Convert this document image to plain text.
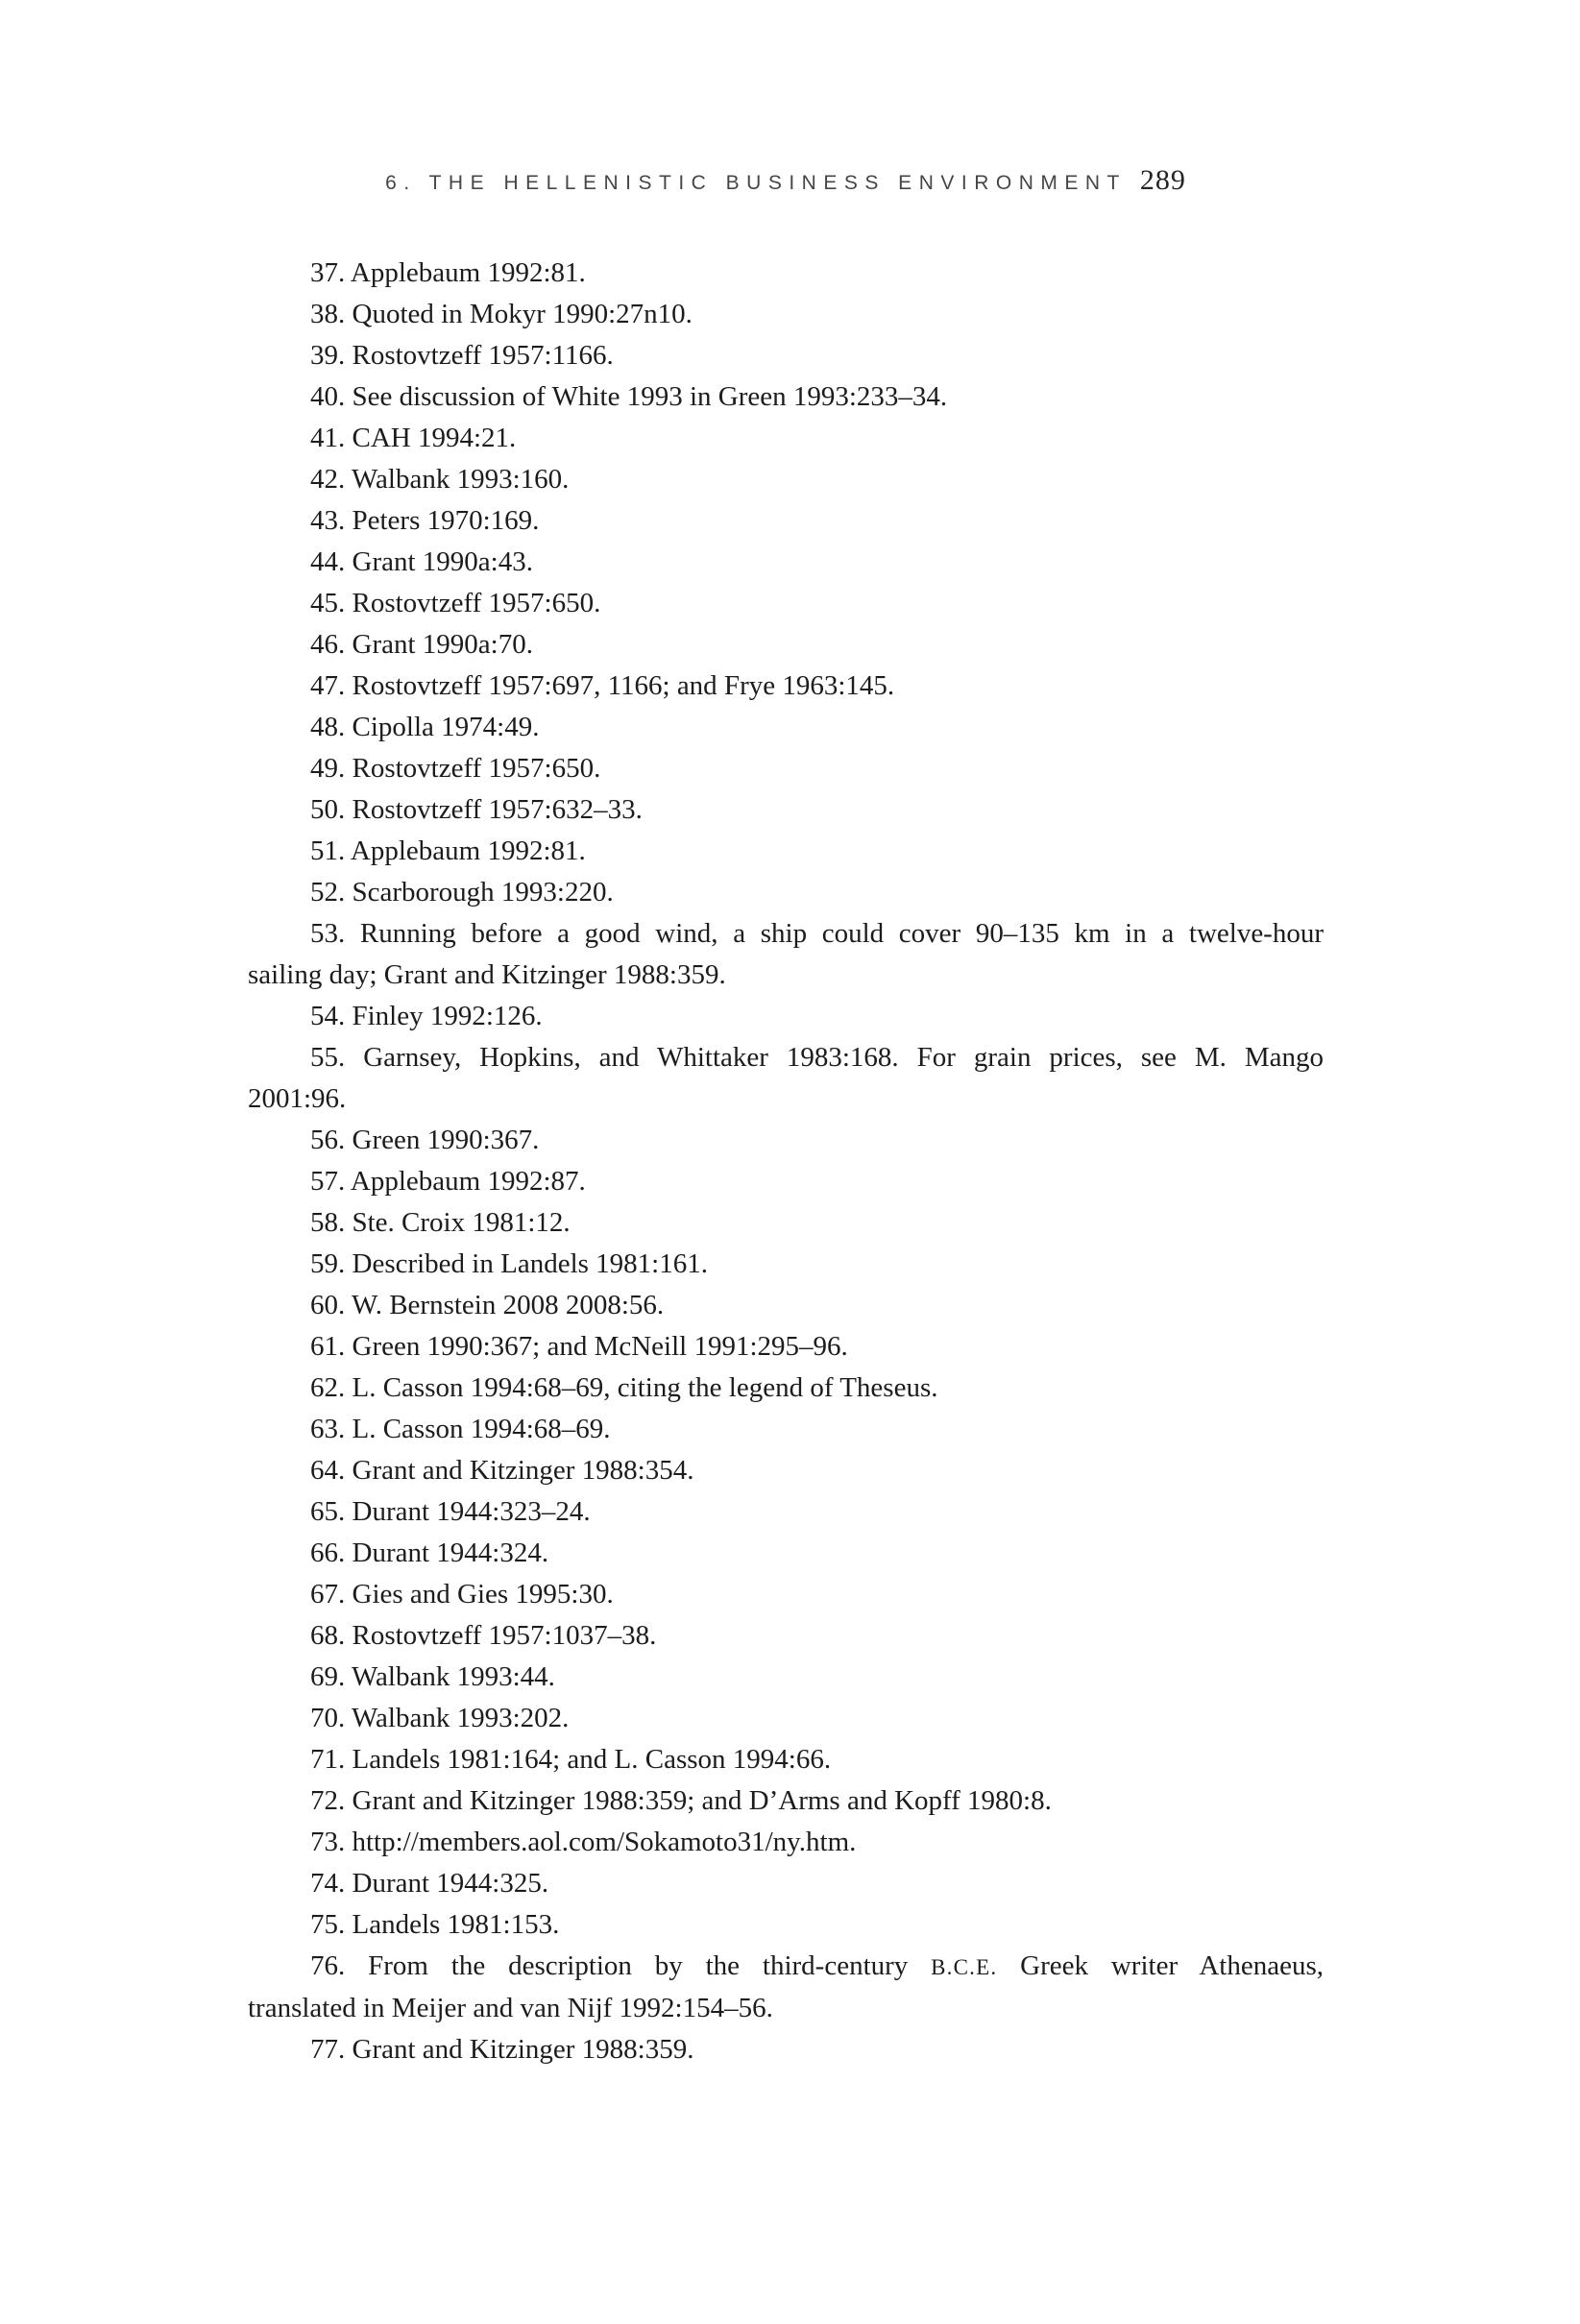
6. THE HELLENISTIC BUSINESS ENVIRONMENT 289

37. Applebaum 1992:81.

38. Quoted in Mokyr 1990:27n10.

39. Rostovtzeff 1957:1166.

40. See discussion of White 1993 in Green 1993:233–34.

41. CAH 1994:21.

42. Walbank 1993:160.

43. Peters 1970:169.

44. Grant 1990a:43.

45. Rostovtzeff 1957:650.

46. Grant 1990a:70.

47. Rostovtzeff 1957:697, 1166; and Frye 1963:145.

48. Cipolla 1974:49.

49. Rostovtzeff 1957:650.

50. Rostovtzeff 1957:632–33.

51. Applebaum 1992:81.

52. Scarborough 1993:220.

53. Running before a good wind, a ship could cover 90–135 km in a twelve-hour
sailing day; Grant and Kitzinger 1988:359.

54. Finley 1992:126.

55. Garnsey, Hopkins, and Whittaker 1983:168. For grain prices, see M. Mango
2001:96.

56. Green 1990:367.

57. Applebaum 1992:87.

58. Ste. Croix 1981:12.

59. Described in Landels 1981:161.

60. W. Bernstein 2008 2008:56.

61. Green 1990:367; and McNeill 1991:295–96.

62. L. Casson 1994:68–69, citing the legend of Theseus.

63. L. Casson 1994:68–69.

64. Grant and Kitzinger 1988:354.

65. Durant 1944:323–24.

66. Durant 1944:324.

67. Gies and Gies 1995:30.

68. Rostovtzeff 1957:1037–38.

69. Walbank 1993:44.

70. Walbank 1993:202.

71. Landels 1981:164; and L. Casson 1994:66.

72. Grant and Kitzinger 1988:359; and D’Arms and Kopff 1980:8.

73. http://members.aol.com/Sokamoto31/ny.htm.

74. Durant 1944:325.

75. Landels 1981:153.

76. From the description by the third-century B.C.E. Greek writer Athenaeus,
translated in Meijer and van Nijf 1992:154–56.

77. Grant and Kitzinger 1988:359.
